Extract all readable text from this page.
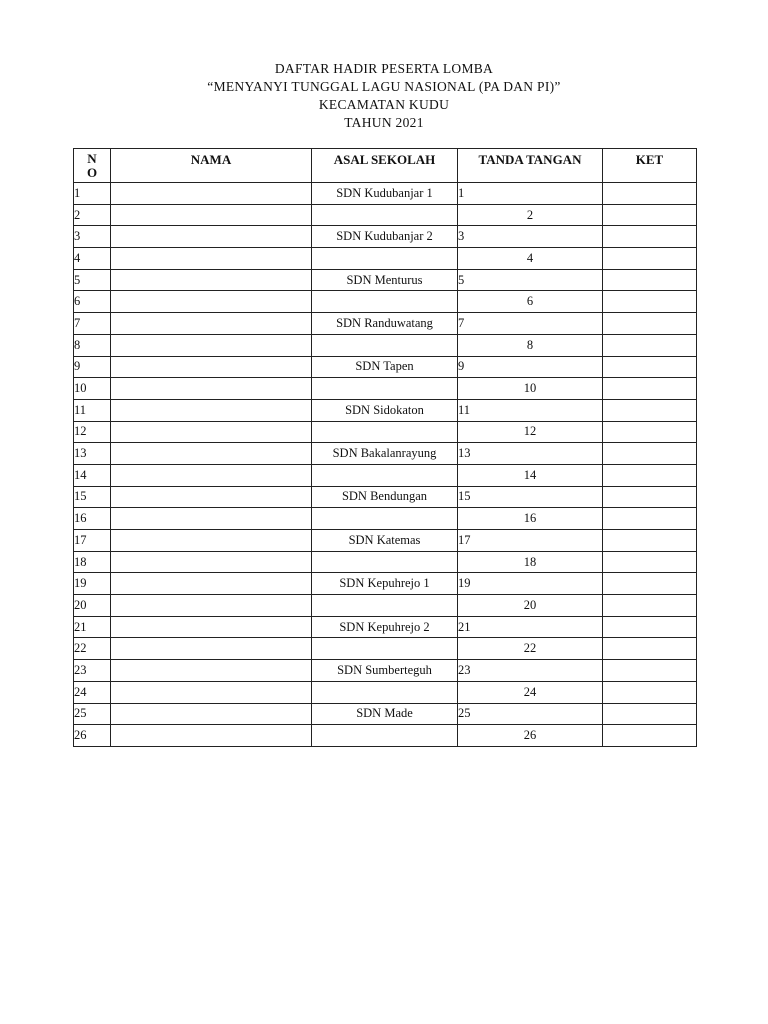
DAFTAR HADIR PESERTA LOMBA
“MENYANYI TUNGGAL LAGU NASIONAL (PA DAN PI)”
KECAMATAN KUDU
TAHUN 2021
N
O	NAMA	ASAL SEKOLAH	TANDA TANGAN	KET
1		SDN Kudubanjar 1	1	
2			2	
3		SDN Kudubanjar 2	3	
4			4	
5		SDN Menturus	5	
6			6	
7		SDN Randuwatang	7	
8			8	
9		SDN Tapen	9	
10			10	
11		SDN Sidokaton	11	
12			12	
13		SDN Bakalanrayung	13	
14			14	
15		SDN Bendungan	15	
16			16	
17		SDN Katemas	17	
18			18	
19		SDN Kepuhrejo 1	19	
20			20	
21		SDN Kepuhrejo 2	21	
22			22	
23		SDN Sumberteguh	23	
24			24	
25		SDN Made	25	
26			26	
